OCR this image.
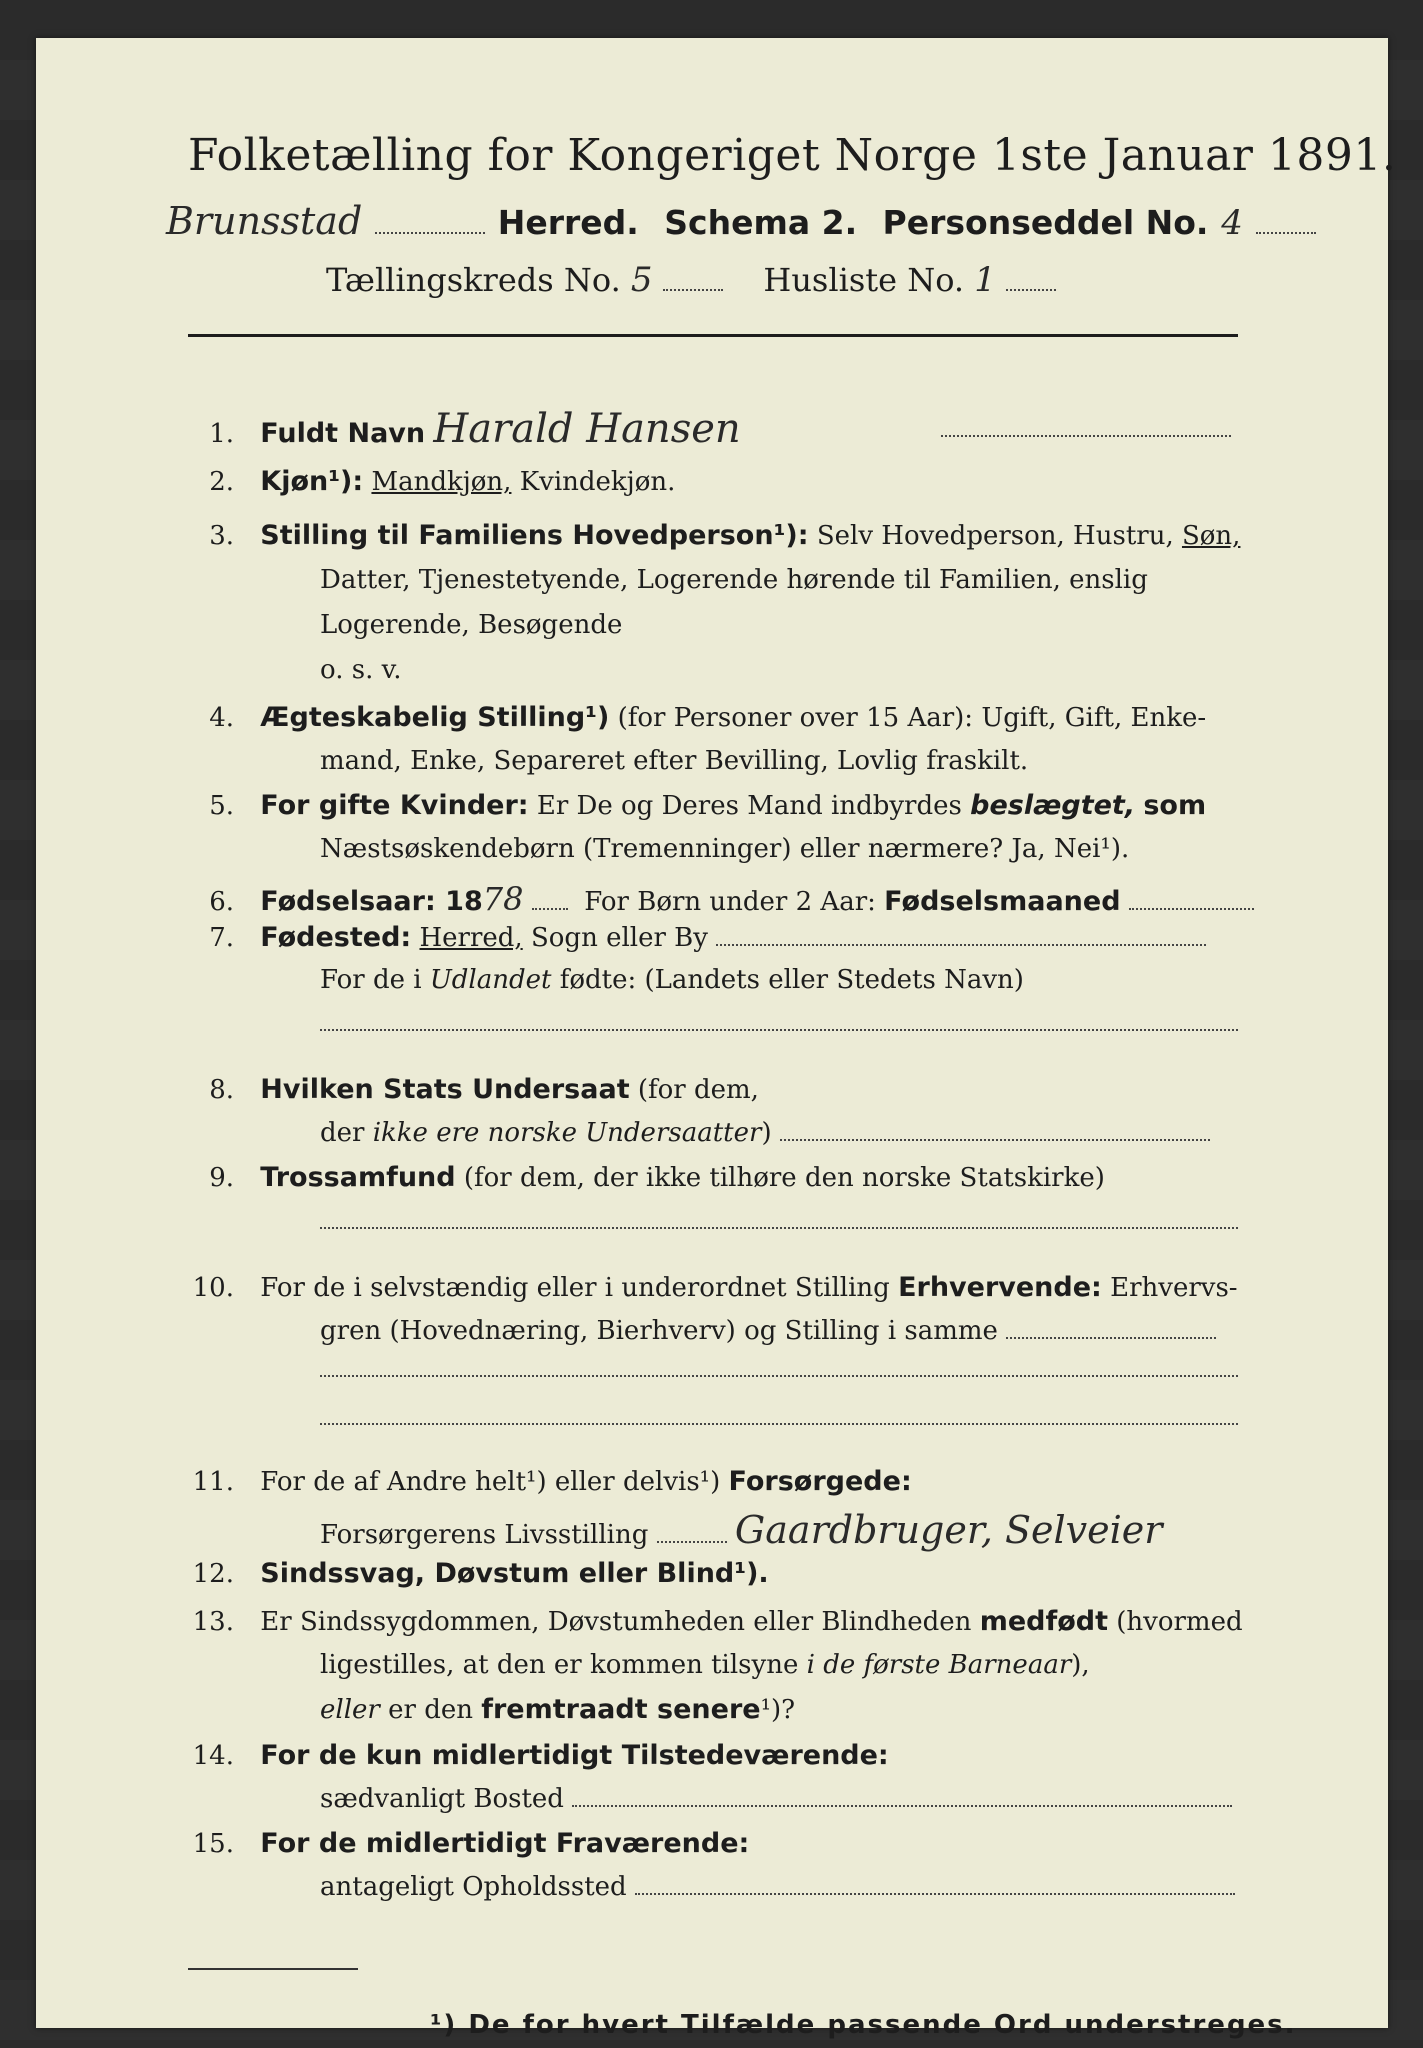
Folketælling for Kongeriget Norge 1ste Januar 1891.
Brunsstad	Herred. Schema 2. Personseddel No. 4
Tællingskreds No. 5	Husliste No. 1
1. Fuldt Navn Harald Hansen
2. Kjøn¹): Mandkjøn, Kvindekjøn.
3. Stilling til Familiens Hovedperson¹): Selv Hovedperson, Hustru, Søn,
Datter, Tjenestetyende, Logerende hørende til Familien, enslig
Logerende, Besøgende
o. s. v.
4. Ægteskabelig Stilling¹) (for Personer over 15 Aar): Ugift, Gift, Enke-
mand, Enke, Separeret efter Bevilling, Lovlig fraskilt.
5. For gifte Kvinder: Er De og Deres Mand indbyrdes beslægtet, som
Næstsøskendebørn (Tremenninger) eller nærmere? Ja, Nei¹).
6. Fødselsaar: 1878 For Børn under 2 Aar: Fødselsmaaned
7. Fødested: Herred, Sogn eller By
For de i Udlandet fødte: (Landets eller Stedets Navn)
8. Hvilken Stats Undersaat (for dem,
der ikke ere norske Undersaatter)
9. Trossamfund (for dem, der ikke tilhøre den norske Statskirke)
10. For de i selvstændig eller i underordnet Stilling Erhvervende: Erhvervs-
gren (Hovednæring, Bierhverv) og Stilling i samme
11. For de af Andre helt¹) eller delvis¹) Forsørgede:
Forsørgerens Livsstilling Gaardbruger, Selveier
12. Sindssvag, Døvstum eller Blind¹).
13. Er Sindssygdommen, Døvstumheden eller Blindheden medfødt (hvormed
ligestilles, at den er kommen tilsyne i de første Barneaar),
eller er den fremtraadt senere¹)?
14. For de kun midlertidigt Tilstedeværende:
sædvanligt Bosted
15. For de midlertidigt Fraværende:
antageligt Opholdssted
¹) De for hvert Tilfælde passende Ord understreges.
